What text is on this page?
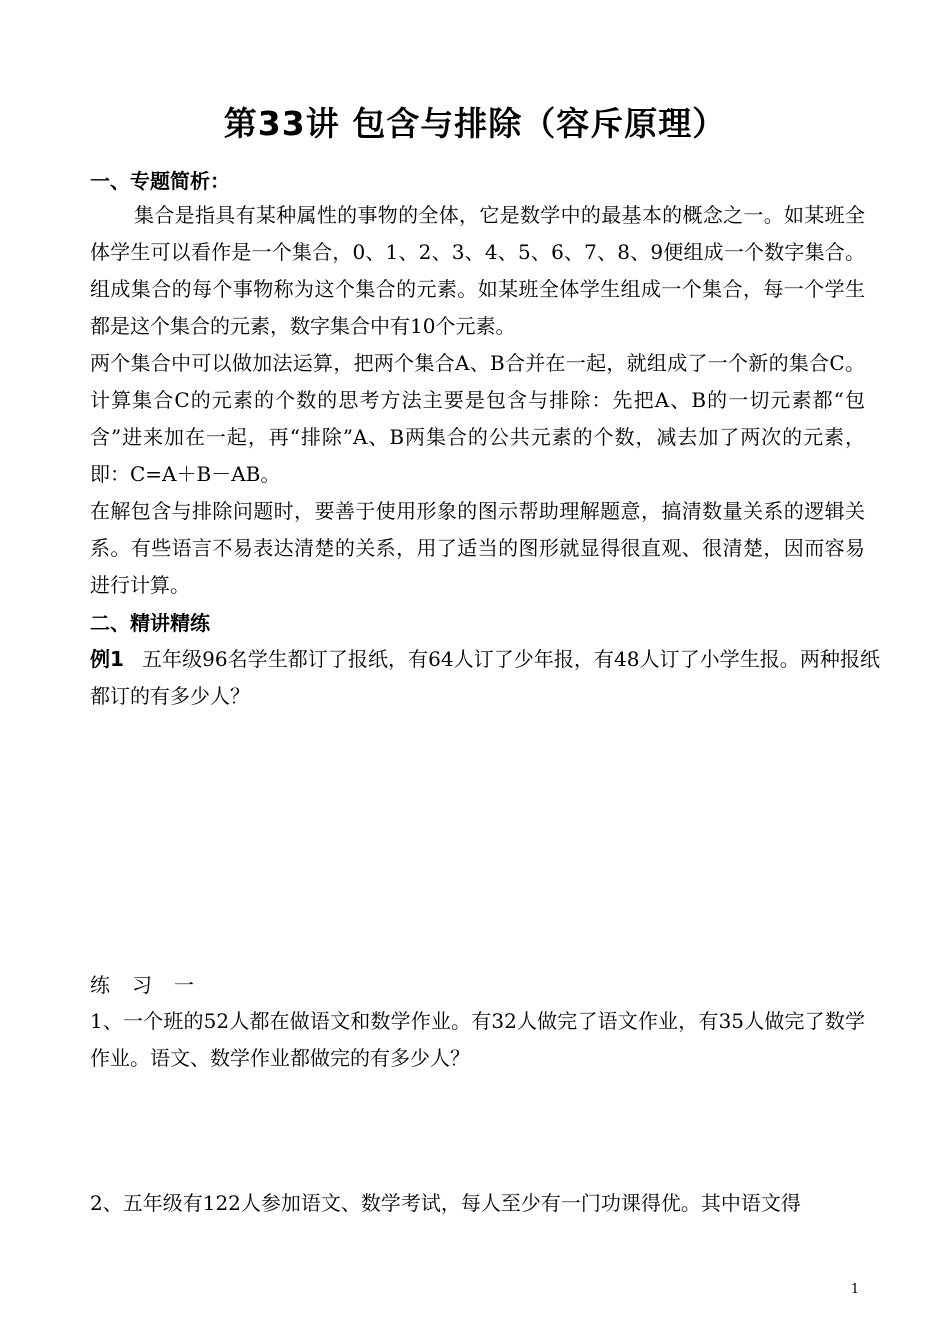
第33讲 包含与排除（容斥原理）
一、专题简析：

集合是指具有某种属性的事物的全体，它是数学中的最基本的概念之一。如某班全体学生可以看作是一个集合，0、1、2、3、4、5、6、7、8、9便组成一个数字集合。组成集合的每个事物称为这个集合的元素。如某班全体学生组成一个集合，每一个学生都是这个集合的元素，数字集合中有10个元素。

两个集合中可以做加法运算，把两个集合A、B合并在一起，就组成了一个新的集合C。计算集合C的元素的个数的思考方法主要是包含与排除：先把A、B的一切元素都“包含”进来加在一起，再“排除”A、B两集合的公共元素的个数，减去加了两次的元素，即：C=A＋B－AB。

在解包含与排除问题时，要善于使用形象的图示帮助理解题意，搞清数量关系的逻辑关系。有些语言不易表达清楚的关系，用了适当的图形就显得很直观、很清楚，因而容易进行计算。

二、精讲精练

例1 五年级96名学生都订了报纸，有64人订了少年报，有48人订了小学生报。两种报纸都订的有多少人？

练习一

1、一个班的52人都在做语文和数学作业。有32人做完了语文作业，有35人做完了数学作业。语文、数学作业都做完的有多少人？

2、五年级有122人参加语文、数学考试，每人至少有一门功课得优。其中语文得

1
